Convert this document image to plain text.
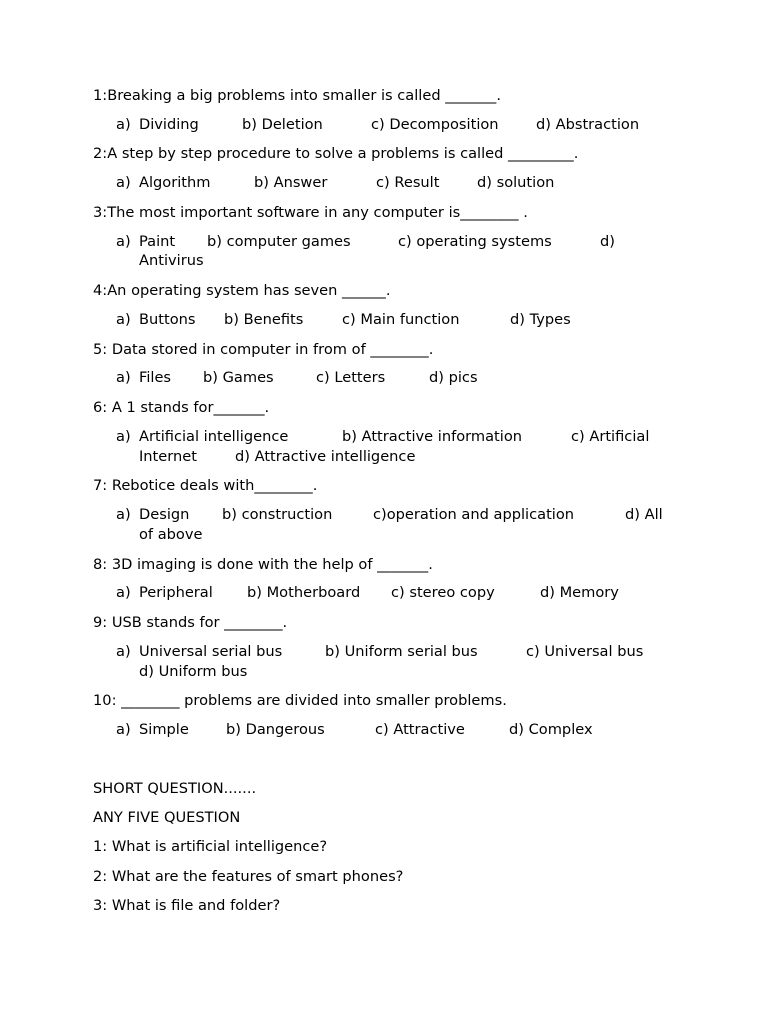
1:Breaking a big problems into smaller is called _______.
a) Dividing	b) Deletion	c) Decomposition	d) Abstraction
2:A step by step procedure to solve a problems is called _________.
a) Algorithm	b) Answer	c) Result	d) solution
3:The most important software in any computer is________ .
a) Paint b) computer games	c) operating systems	d)
Antivirus
4:An operating system has seven ______.
a) Buttons b) Benefits	c) Main function	d) Types
5: Data stored in computer in from of ________.
a) Files b) Games	c) Letters	d) pics
6: A 1 stands for_______.
a) Artificial intelligence	b) Attractive information	c) Artificial
Internet	d) Attractive intelligence
7: Rebotice deals with________.
a) Design b) construction	c)operation and application	d) All
of above
8: 3D imaging is done with the help of _______.
a) Peripheral b) Motherboard c) stereo copy	d) Memory
9: USB stands for ________.
a) Universal serial bus	b) Uniform serial bus	c) Universal bus
d) Uniform bus
10: ________ problems are divided into smaller problems.
a) Simple	b) Dangerous	c) Attractive	d) Complex
SHORT QUESTION.......
ANY FIVE QUESTION
1: What is artificial intelligence?
2: What are the features of smart phones?
3: What is file and folder?
